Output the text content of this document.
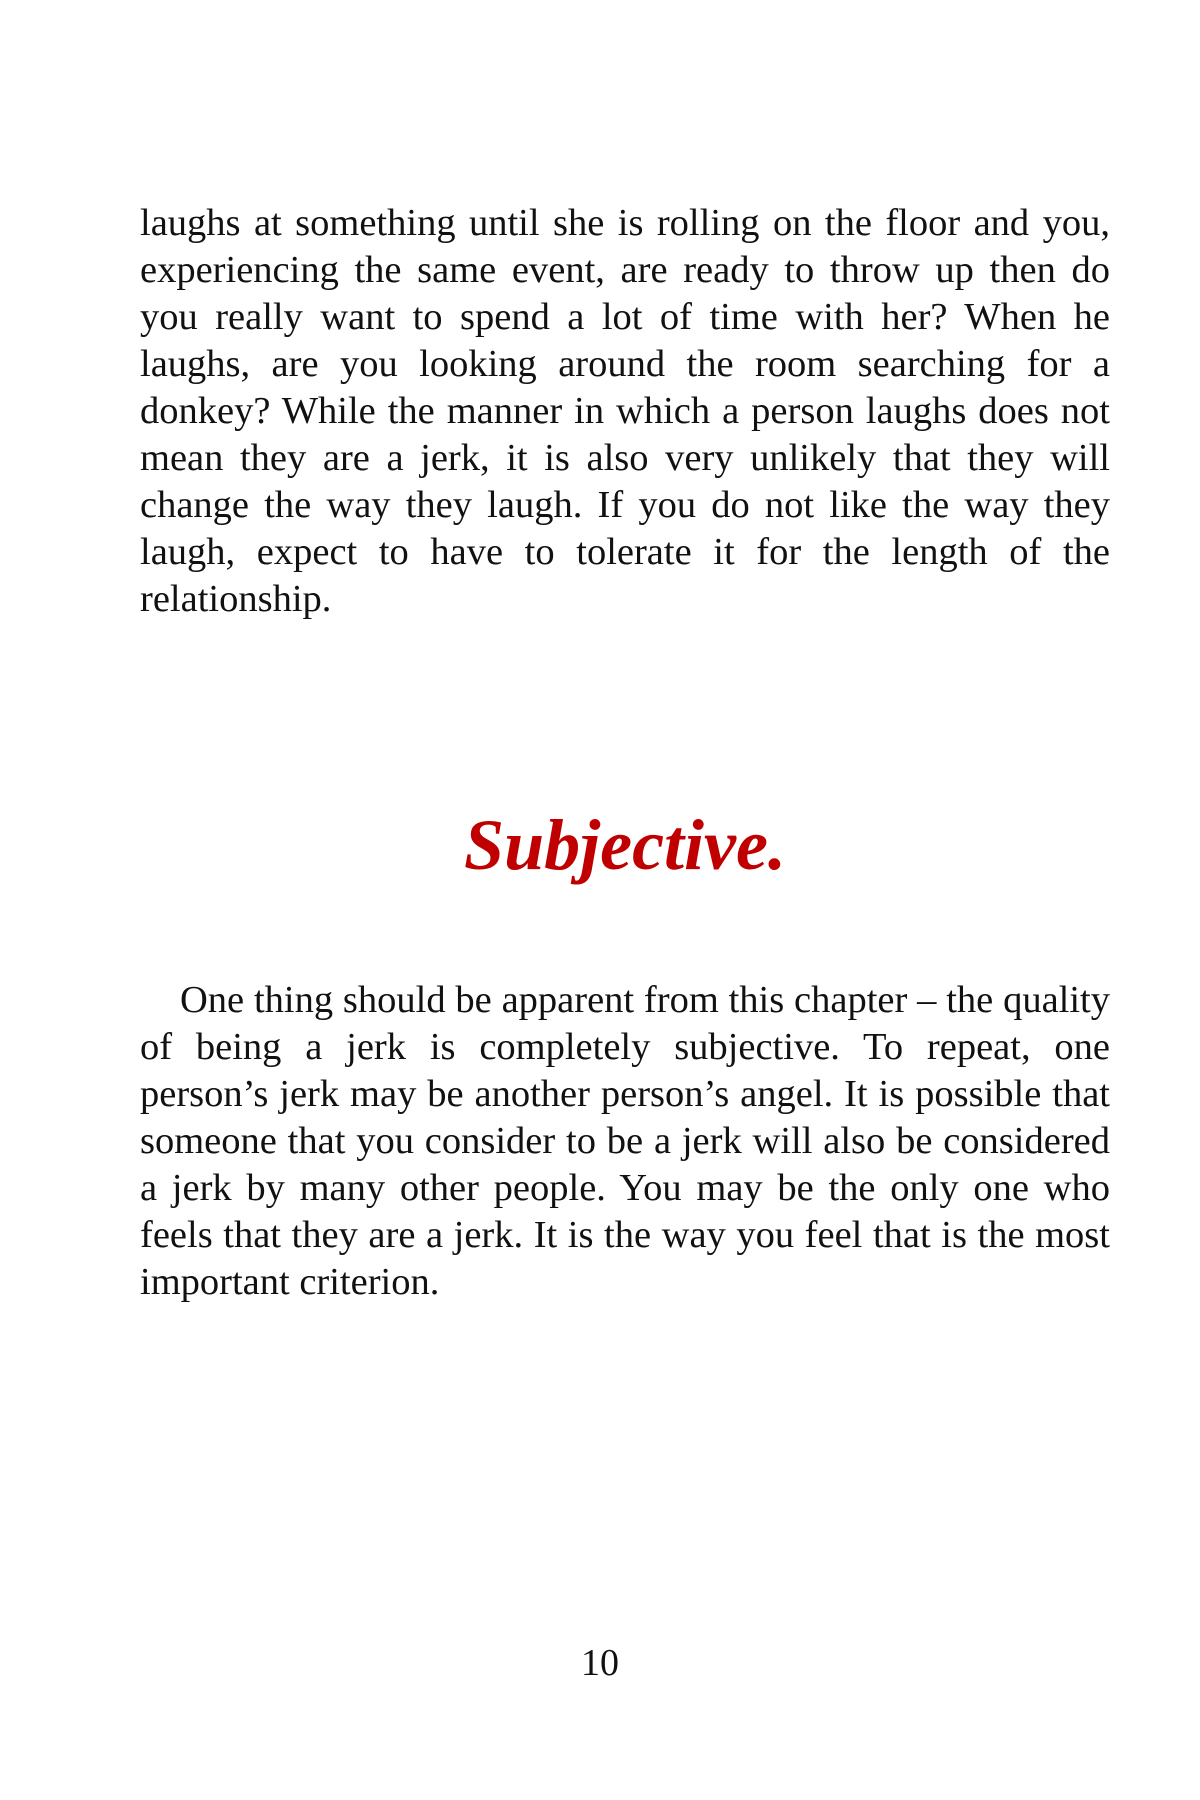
laughs at something until she is rolling on the floor and you, experiencing the same event, are ready to throw up then do you really want to spend a lot of time with her? When he laughs, are you looking around the room searching for a donkey? While the manner in which a person laughs does not mean they are a jerk, it is also very unlikely that they will change the way they laugh. If you do not like the way they laugh, expect to have to tolerate it for the length of the relationship.

Subjective.

One thing should be apparent from this chapter – the quality of being a jerk is completely subjective. To repeat, one person’s jerk may be another person’s angel. It is possible that someone that you consider to be a jerk will also be considered a jerk by many other people. You may be the only one who feels that they are a jerk. It is the way you feel that is the most important criterion.

10
